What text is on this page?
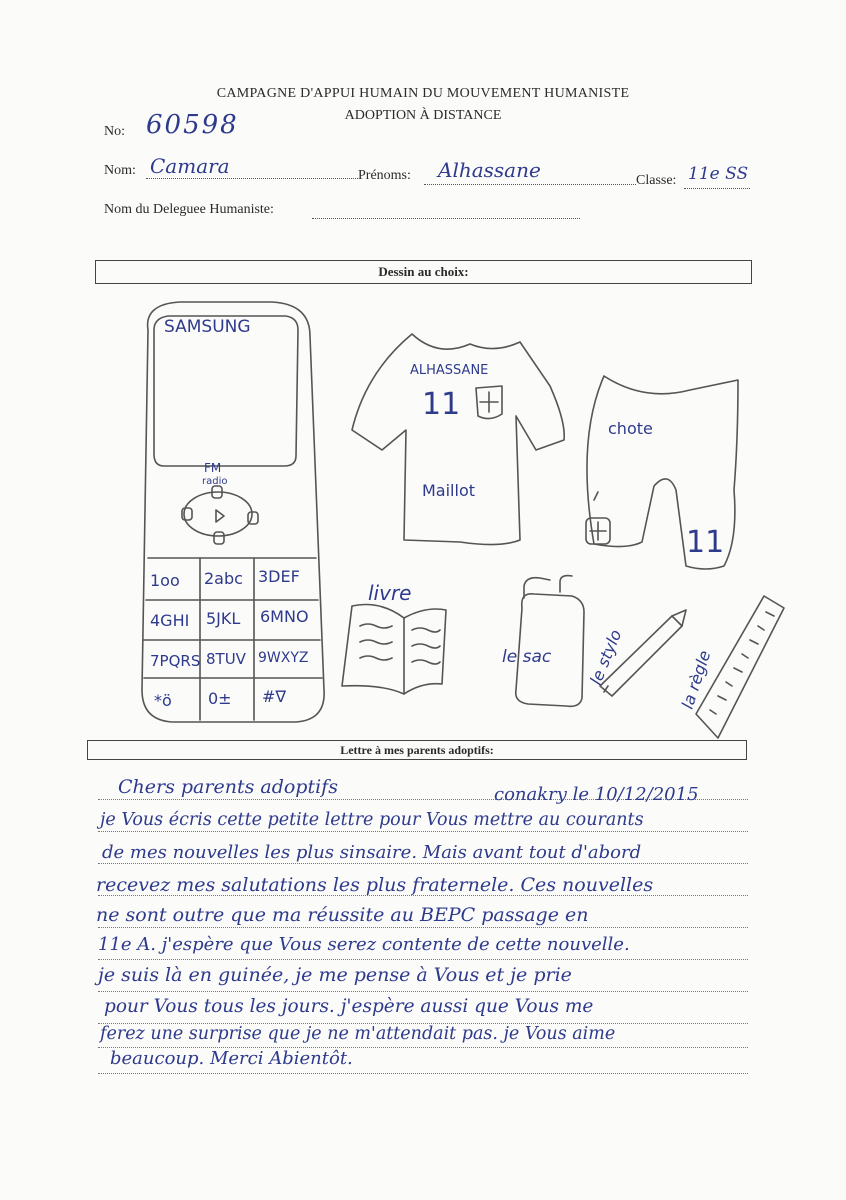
CAMPAGNE D'APPUI HUMAIN DU MOUVEMENT HUMANISTE
ADOPTION À DISTANCE
No: 60598
Nom: Camara	Prénoms: Alhassane	Classe: 11e SS
Nom du Deleguee Humaniste:
Dessin au choix:
SAMSUNG
FM
radio
1oo 2abc 3DEF
4GHI 5JKL 6MNO
7PQRS 8TUV 9WXYZ
*ö 0± #∇
ALHASSANE
11
Maillot
chote
11
livre
le sac le stylo	la règle
Lettre à mes parents adoptifs:
Chers parents adoptifs	conakry le 10/12/2015
je Vous écris cette petite lettre pour Vous mettre au courants
de mes nouvelles les plus sinsaire. Mais avant tout d'abord
recevez mes salutations les plus fraternele. Ces nouvelles
ne sont outre que ma réussite au BEPC passage en
11e A. j'espère que Vous serez contente de cette nouvelle.
je suis là en guinée, je me pense à Vous et je prie
pour Vous tous les jours. j'espère aussi que Vous me
ferez une surprise que je ne m'attendait pas. je Vous aime
beaucoup. Merci Abientôt.
